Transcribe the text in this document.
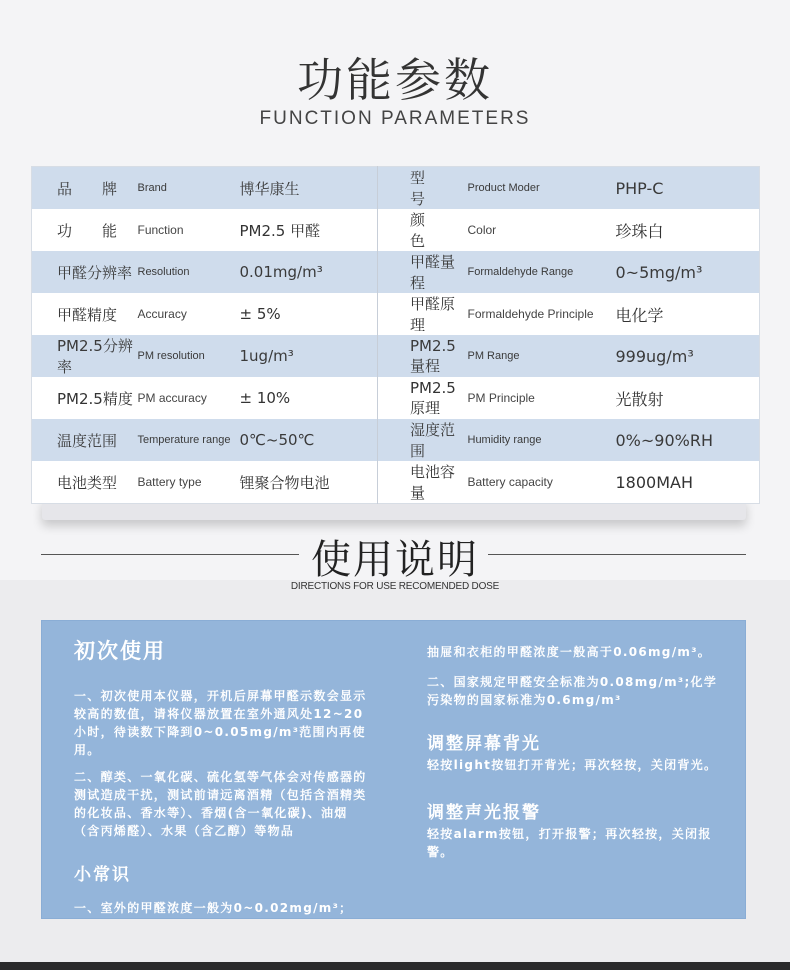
功能参数
FUNCTION PARAMETERS
品　　牌	Brand	博华康生	型　　号	Product Moder	PHP-C
功　　能	Function	PM2.5 甲醛	颜　　色	Color	珍珠白
甲醛分辨率	Resolution	0.01mg/m³	甲醛量程	Formaldehyde Range	0~5mg/m³
甲醛精度	Accuracy	± 5%	甲醛原理	Formaldehyde Principle	电化学
PM2.5分辨率	PM resolution	1ug/m³	PM2.5量程	PM Range	999ug/m³
PM2.5精度	PM accuracy	± 10%	PM2.5原理	PM Principle	光散射
温度范围	Temperature range	0℃~50℃	湿度范围	Humidity range	0%~90%RH
电池类型	Battery type	锂聚合物电池	电池容量	Battery capacity	1800MAH
使用说明
DIRECTIONS FOR USE RECOMENDED DOSE
初次使用
一、初次使用本仪器，开机后屏幕甲醛示数会显示较高的数值，请将仪器放置在室外通风处12~20小时，待读数下降到0~0.05mg/m³范围内再使用。
二、醇类、一氧化碳、硫化氢等气体会对传感器的测试造成干扰，测试前请远离酒精（包括含酒精类的化妆品、香水等）、香烟(含一氧化碳)、油烟（含丙烯醛）、水果（含乙醇）等物品
小常识
一、室外的甲醛浓度一般为0~0.02mg/m³；
抽屉和衣柜的甲醛浓度一般高于0.06mg/m³。
二、国家规定甲醛安全标准为0.08mg/m³;化学污染物的国家标准为0.6mg/m³
调整屏幕背光
轻按light按钮打开背光；再次轻按，关闭背光。
调整声光报警
轻按alarm按钮，打开报警；再次轻按，关闭报警。
